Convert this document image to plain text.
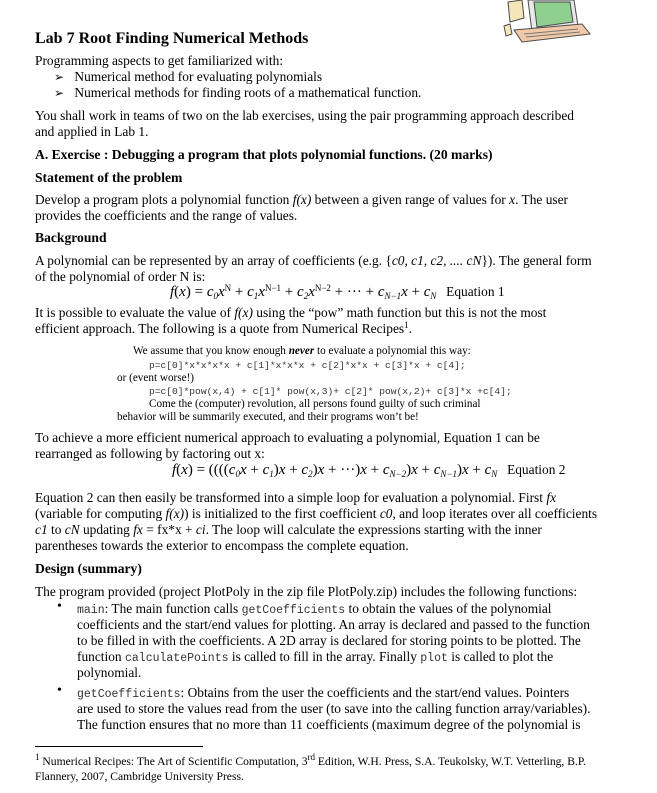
Lab 7 Root Finding Numerical Methods
Programming aspects to get familiarized with:
➢ Numerical method for evaluating polynomials
➢ Numerical methods for finding roots of a mathematical function.
You shall work in teams of two on the lab exercises, using the pair programming approach described
and applied in Lab 1.
A. Exercise : Debugging a program that plots polynomial functions. (20 marks)
Statement of the problem
Develop a program plots a polynomial function f(x) between a given range of values for x. The user
provides the coefficients and the range of values.
Background
A polynomial can be represented by an array of coefficients (e.g. {c0, c1, c2, .... cN}). The general form
of the polynomial of order N is:
$f(x) = c_0x^N + c_1x^{N-1} + c_2x^{N-2}$ + ··· + $c_{N-1}x + c_N$ Equation 1
It is possible to evaluate the value of f(x) using the “pow” math function but this is not the most
efficient approach. The following is a quote from Numerical Recipes$^1$.
We assume that you know enough never to evaluate a polynomial this way:
p=c[0]*x*x*x*x + c[1]*x*x*x + c[2]*x*x + c[3]*x + c[4];
or (event worse!)
p=c[0]*pow(x,4) + c[1]* pow(x,3)+ c[2]* pow(x,2)+ c[3]*x +c[4];
Come the (computer) revolution, all persons found guilty of such criminal
behavior will be summarily executed, and their programs won’t be!
To achieve a more efficient numerical approach to evaluating a polynomial, Equation 1 can be
rearranged as following by factoring out x:
$f(x) = ((((c_0x + c_1)x + c_2)x + \cdot\cdot\cdot)x + c_{N-2})x + c_{N-1})x + c_N$ Equation 2
Equation 2 can then easily be transformed into a simple loop for evaluation a polynomial. First fx
(variable for computing f(x)) is initialized to the first coefficient c0, and loop iterates over all coefficients
c1 to cN updating fx = fx*x + ci. The loop will calculate the expressions starting with the inner
parentheses towards the exterior to encompass the complete equation.
Design (summary)
The program provided (project PlotPoly in the zip file PlotPoly.zip) includes the following functions:
• main: The main function calls getCoefficients to obtain the values of the polynomial
coefficients and the start/end values for plotting. An array is declared and passed to the function
to be filled in with the coefficients. A 2D array is declared for storing points to be plotted. The
function calculatePoints is called to fill in the array. Finally plot is called to plot the
polynomial.
• getCoefficients: Obtains from the user the coefficients and the start/end values. Pointers
are used to store the values read from the user (to save into the calling function array/variables).
The function ensures that no more than 11 coefficients (maximum degree of the polynomial is
$^1$ Numerical Recipes: The Art of Scientific Computation, 3rd Edition, W.H. Press, S.A. Teukolsky, W.T. Vetterling, B.P.
Flannery, 2007, Cambridge University Press.
